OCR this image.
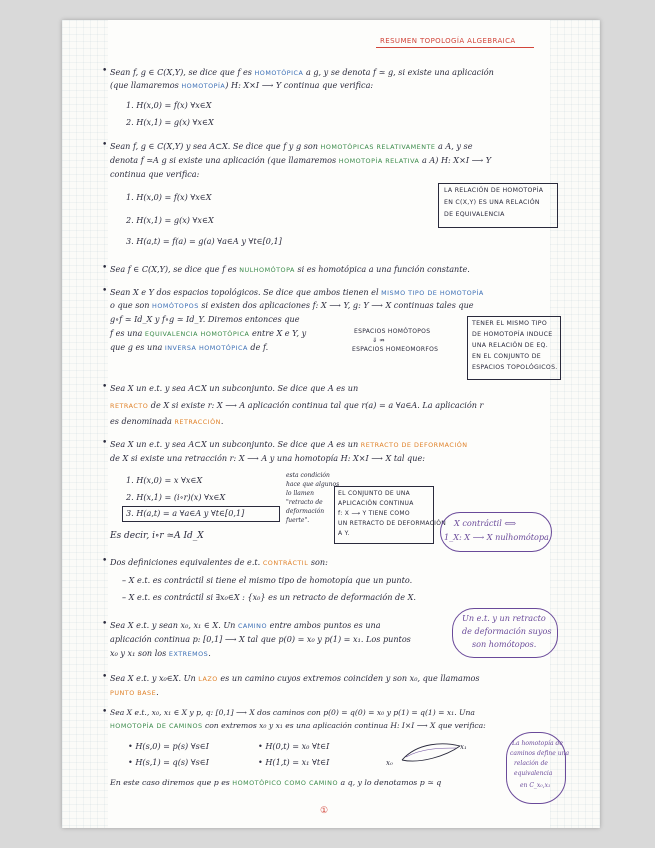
RESUMEN TOPOLOGÍA ALGEBRAICA
• Sean f, g ∈ C(X,Y), se dice que f es HOMOTÓPICA a g, y se denota f ≃ g, si existe una aplicación
(que llamaremos HOMOTOPÍA) H: X×I ⟶ Y continua que verifica:
1. H(x,0) = f(x) ∀x∈X
2. H(x,1) = g(x) ∀x∈X
• Sean f, g ∈ C(X,Y) y sea A⊂X. Se dice que f y g son HOMOTÓPICAS RELATIVAMENTE a A, y se
denota f ≃A g si existe una aplicación (que llamaremos HOMOTOPÍA RELATIVA a A) H: X×I ⟶ Y
continua que verifica:
1. H(x,0) = f(x) ∀x∈X
2. H(x,1) = g(x) ∀x∈X
3. H(a,t) = f(a) = g(a) ∀a∈A y ∀t∈[0,1]
LA RELACIÓN DE HOMOTOPÍA
EN C(X,Y) ES UNA RELACIÓN
DE EQUIVALENCIA
• Sea f ∈ C(X,Y), se dice que f es NULHOMÓTOPA si es homotópica a una función constante.
• Sean X e Y dos espacios topológicos. Se dice que ambos tienen el MISMO TIPO DE HOMOTOPÍA
o que son HOMÓTOPOS si existen dos aplicaciones f: X ⟶ Y, g: Y ⟶ X continuas tales que
g∘f ≃ Id_X y f∘g ≃ Id_Y. Diremos entonces que
f es una EQUIVALENCIA HOMOTÓPICA entre X e Y, y
que g es una INVERSA HOMOTÓPICA de f.
ESPACIOS HOMÓTOPOS
⇓ ⇏
ESPACIOS HOMEOMORFOS
TENER EL MISMO TIPO
DE HOMOTOPÍA INDUCE
UNA RELACIÓN DE EQ.
EN EL CONJUNTO DE
ESPACIOS TOPOLÓGICOS.
• Sea X un e.t. y sea A⊂X un subconjunto. Se dice que A es un
RETRACTO de X si existe r: X ⟶ A aplicación continua tal que r(a) = a ∀a∈A. La aplicación r
es denominada RETRACCIÓN.
• Sea X un e.t. y sea A⊂X un subconjunto. Se dice que A es un RETRACTO DE DEFORMACIÓN
de X si existe una retracción r: X ⟶ A y una homotopía H: X×I ⟶ X tal que:
1. H(x,0) = x ∀x∈X
2. H(x,1) = (i∘r)(x) ∀x∈X
3. H(a,t) = a ∀a∈A y ∀t∈[0,1]
Es decir, i∘r ≃A Id_X
esta condición
hace que algunos
lo llamen
"retracto de
deformación
fuerte".
EL CONJUNTO DE UNA
APLICACIÓN CONTINUA
f: X ⟶ Y TIENE COMO
UN RETRACTO DE DEFORMACIÓN
A Y.
X contráctil ⟺
1_X: X ⟶ X nulhomótopa
• Dos definiciones equivalentes de e.t. CONTRÁCTIL son:
– X e.t. es contráctil si tiene el mismo tipo de homotopía que un punto.
– X e.t. es contráctil si ∃x₀∈X : {x₀} es un retracto de deformación de X.
• Sea X e.t. y sean x₀, x₁ ∈ X. Un CAMINO entre ambos puntos es una
aplicación continua p: [0,1] ⟶ X tal que p(0) = x₀ y p(1) = x₁. Los puntos
x₀ y x₁ son los EXTREMOS.
Un e.t. y un retracto
de deformación suyos
son homótopos.
• Sea X e.t. y x₀∈X. Un LAZO es un camino cuyos extremos coinciden y son x₀, que llamamos
PUNTO BASE.
• Sea X e.t., x₀, x₁ ∈ X y p, q: [0,1] ⟶ X dos caminos con p(0) = q(0) = x₀ y p(1) = q(1) = x₁. Una
HOMOTOPÍA DE CAMINOS con extremos x₀ y x₁ es una aplicación continua H: I×I ⟶ X que verifica:
• H(s,0) = p(s) ∀s∈I	• H(0,t) = x₀ ∀t∈I
• H(s,1) = q(s) ∀s∈I	• H(1,t) = x₁ ∀t∈I	x₀
x₁
En este caso diremos que p es HOMOTÓPICO COMO CAMINO a q, y lo denotamos p ≃ q
La homotopía de
caminos define una
relación de
equivalencia
en C_x₀,x₁
①
